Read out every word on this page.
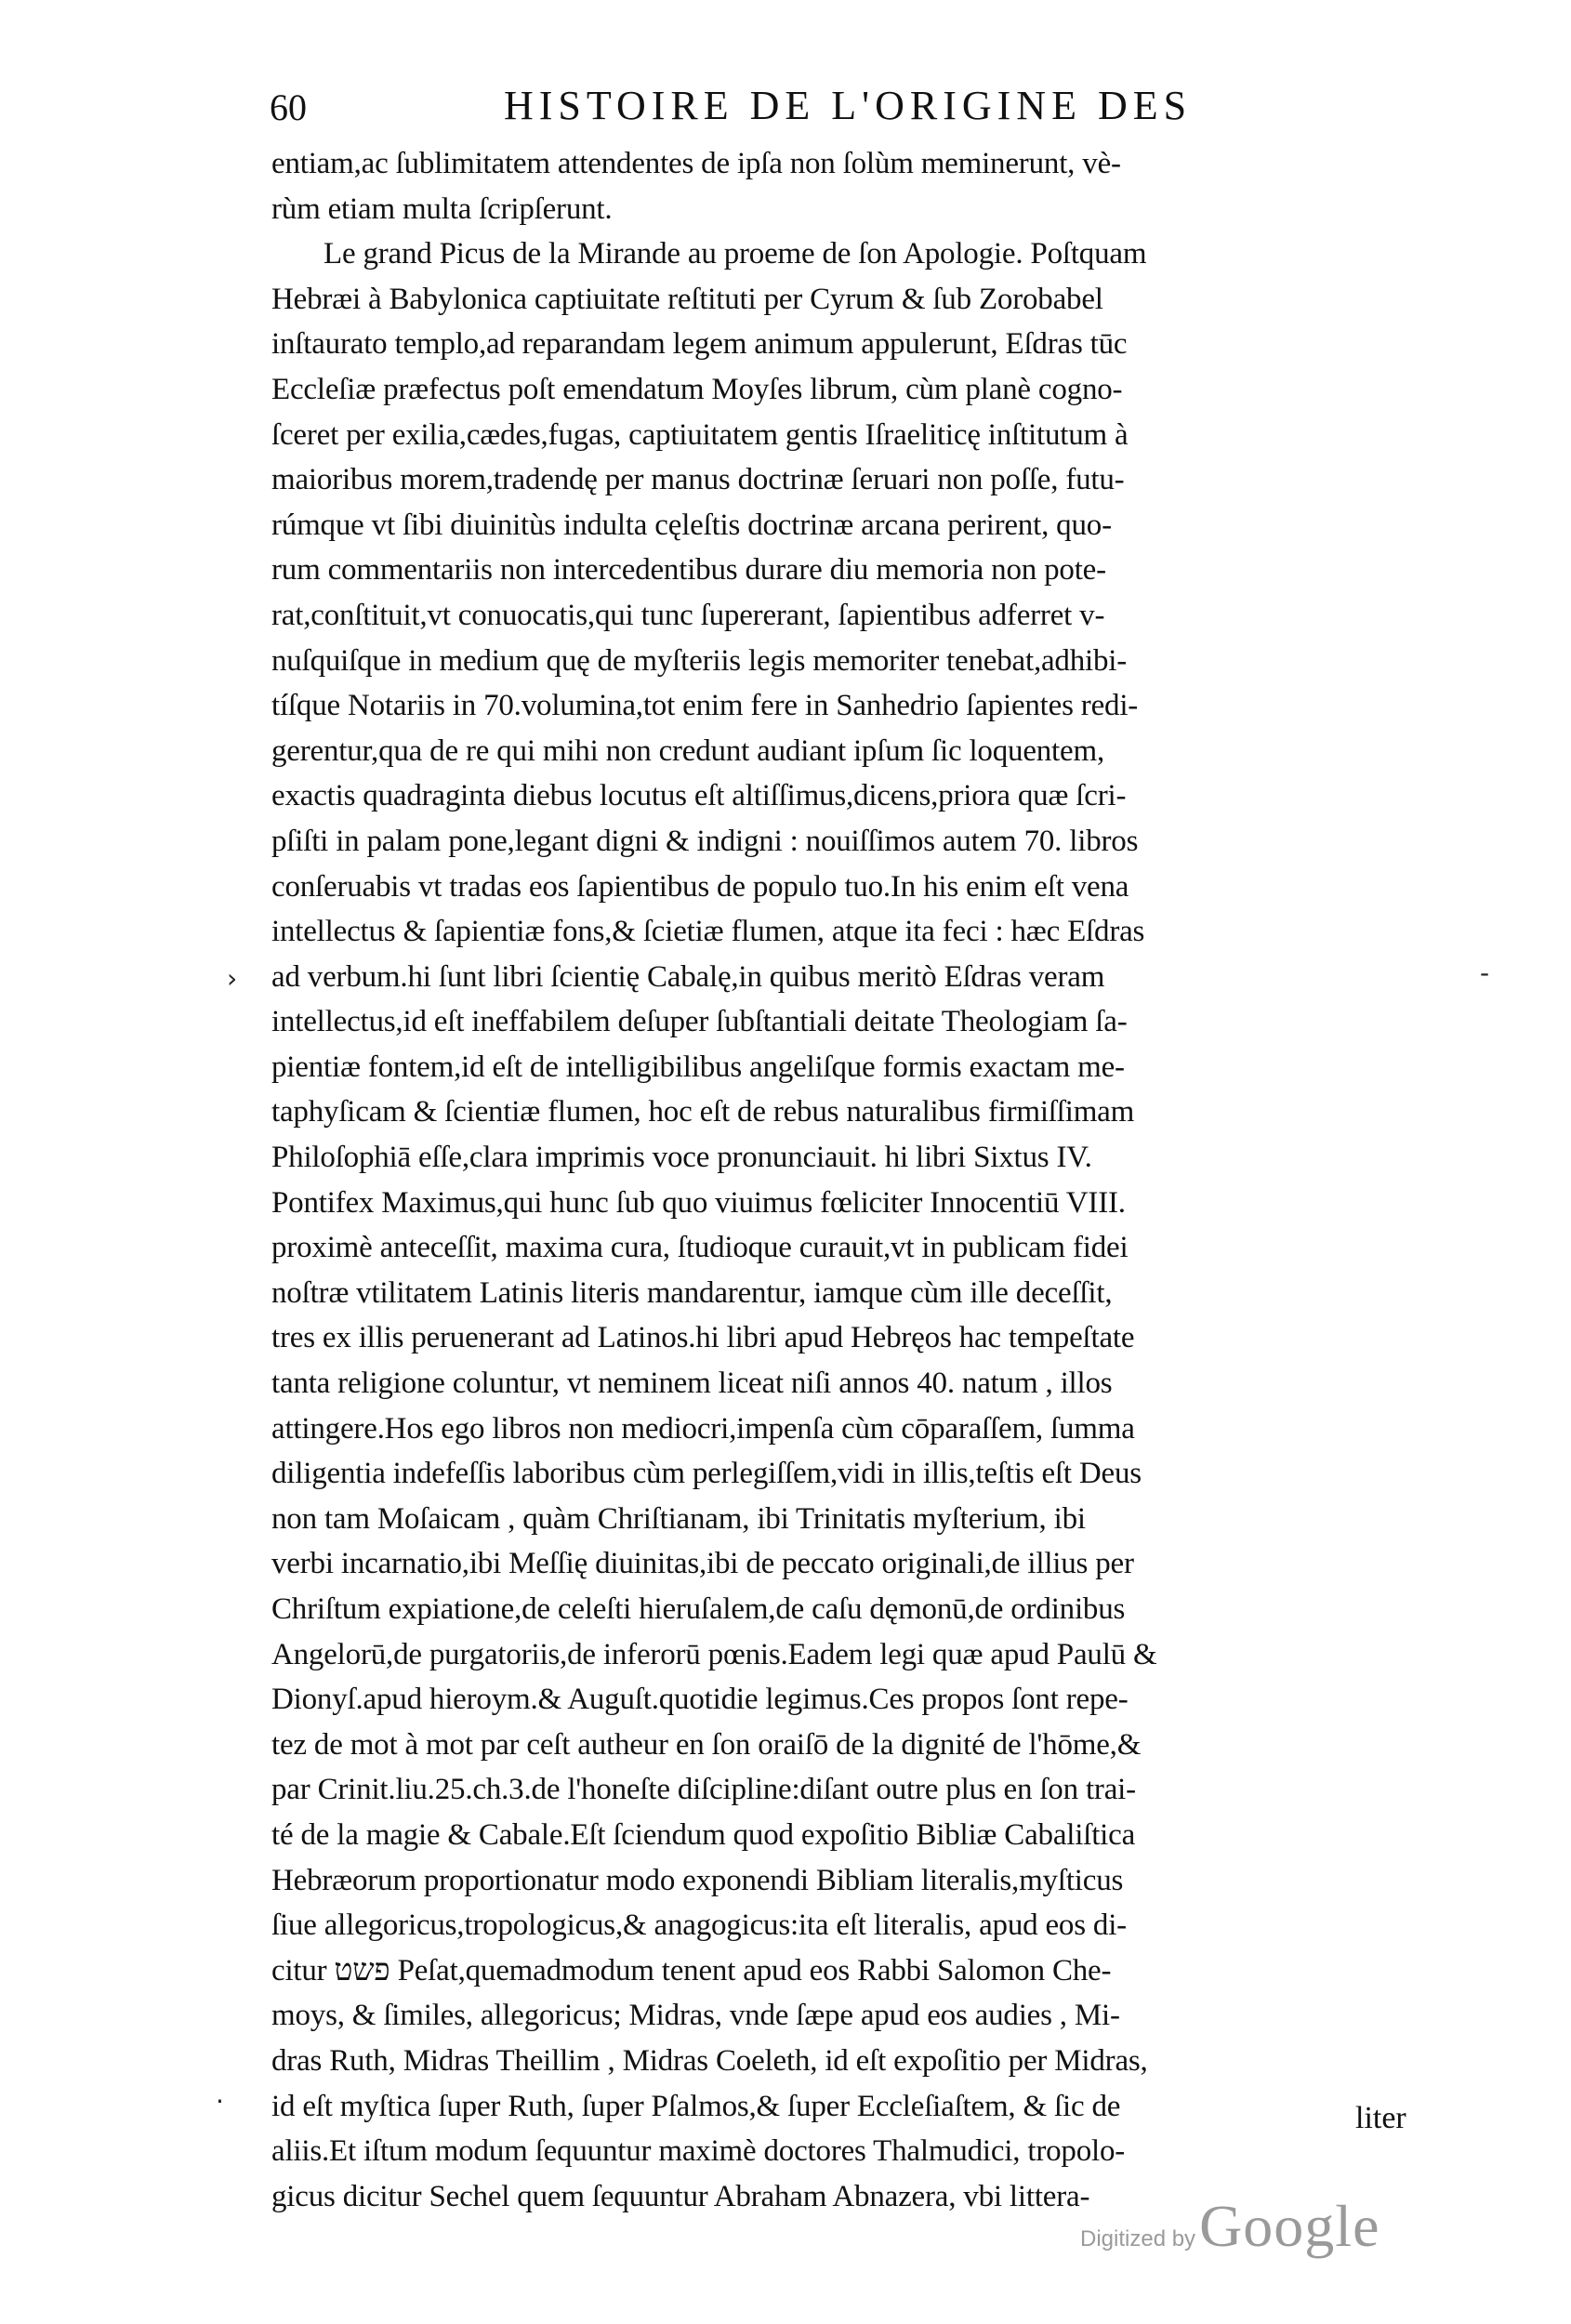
60	HISTOIRE DE L'ORIGINE DES
entiam,ac ſublimitatem attendentes de ipſa non ſolùm meminerunt, vè-
rùm etiam multa ſcripſerunt.
Le grand Picus de la Mirande au proeme de ſon Apologie. Poſtquam
Hebræi à Babylonica captiuitate reſtituti per Cyrum & ſub Zorobabel
inſtaurato templo,ad reparandam legem animum appulerunt, Eſdras tūc
Eccleſiæ præfectus poſt emendatum Moyſes librum, cùm planè cogno-
ſceret per exilia,cædes,fugas, captiuitatem gentis Iſraeliticę inſtitutum à
maioribus morem,tradendę per manus doctrinæ ſeruari non poſſe, futu-
rúmque vt ſibi diuinitùs indulta cęleſtis doctrinæ arcana perirent, quo-
rum commentariis non intercedentibus durare diu memoria non pote-
rat,conſtituit,vt conuocatis,qui tunc ſupererant, ſapientibus adferret v-
nuſquiſque in medium quę de myſteriis legis memoriter tenebat,adhibi-
tíſque Notariis in 70.volumina,tot enim fere in Sanhedrio ſapientes redi-
gerentur,qua de re qui mihi non credunt audiant ipſum ſic loquentem,
exactis quadraginta diebus locutus eſt altiſſimus,dicens,priora quæ ſcri-
pſiſti in palam pone,legant digni & indigni : nouiſſimos autem 70. libros
conſeruabis vt tradas eos ſapientibus de populo tuo.In his enim eſt vena
intellectus & ſapientiæ fons,& ſcietiæ flumen, atque ita feci : hæc Eſdras
ad verbum.hi ſunt libri ſcientię Cabalę,in quibus meritò Eſdras veram
intellectus,id eſt ineffabilem deſuper ſubſtantiali deitate Theologiam ſa-
pientiæ fontem,id eſt de intelligibilibus angeliſque formis exactam me-
taphyſicam & ſcientiæ flumen, hoc eſt de rebus naturalibus firmiſſimam
Philoſophiā eſſe,clara imprimis voce pronunciauit. hi libri Sixtus IV.
Pontifex Maximus,qui hunc ſub quo viuimus fœliciter Innocentiū VIII.
proximè anteceſſit, maxima cura, ſtudioque curauit,vt in publicam fidei
noſtræ vtilitatem Latinis literis mandarentur, iamque cùm ille deceſſit,
tres ex illis peruenerant ad Latinos.hi libri apud Hebręos hac tempeſtate
tanta religione coluntur, vt neminem liceat niſi annos 40. natum , illos
attingere.Hos ego libros non mediocri,impenſa cùm cōparaſſem, ſumma
diligentia indefeſſis laboribus cùm perlegiſſem,vidi in illis,teſtis eſt Deus
non tam Moſaicam , quàm Chriſtianam, ibi Trinitatis myſterium, ibi
verbi incarnatio,ibi Meſſię diuinitas,ibi de peccato originali,de illius per
Chriſtum expiatione,de celeſti hieruſalem,de caſu dęmonū,de ordinibus
Angelorū,de purgatoriis,de inferorū pœnis.Eadem legi quæ apud Paulū &
Dionyſ.apud hieroym.& Auguſt.quotidie legimus.Ces propos ſont repe-
tez de mot à mot par ceſt autheur en ſon oraiſō de la dignité de l'hōme,&
par Crinit.liu.25.ch.3.de l'honeſte diſcipline:diſant outre plus en ſon trai-
té de la magie & Cabale.Eſt ſciendum quod expoſitio Bibliæ Cabaliſtica
Hebræorum proportionatur modo exponendi Bibliam literalis,myſticus
ſiue allegoricus,tropologicus,& anagogicus:ita eſt literalis, apud eos di-
citur פשט Peſat,quemadmodum tenent apud eos Rabbi Salomon Che-
moys, & ſimiles, allegoricus; Midras, vnde ſæpe apud eos audies , Mi-
dras Ruth, Midras Theillim , Midras Coeleth, id eſt expoſitio per Midras,
id eſt myſtica ſuper Ruth, ſuper Pſalmos,& ſuper Eccleſiaſtem, & ſic de
aliis.Et iſtum modum ſequuntur maximè doctores Thalmudici, tropolo-
gicus dicitur Sechel quem ſequuntur Abraham Abnazera, vbi littera-
liter
›	-
·
Digitized by Google
